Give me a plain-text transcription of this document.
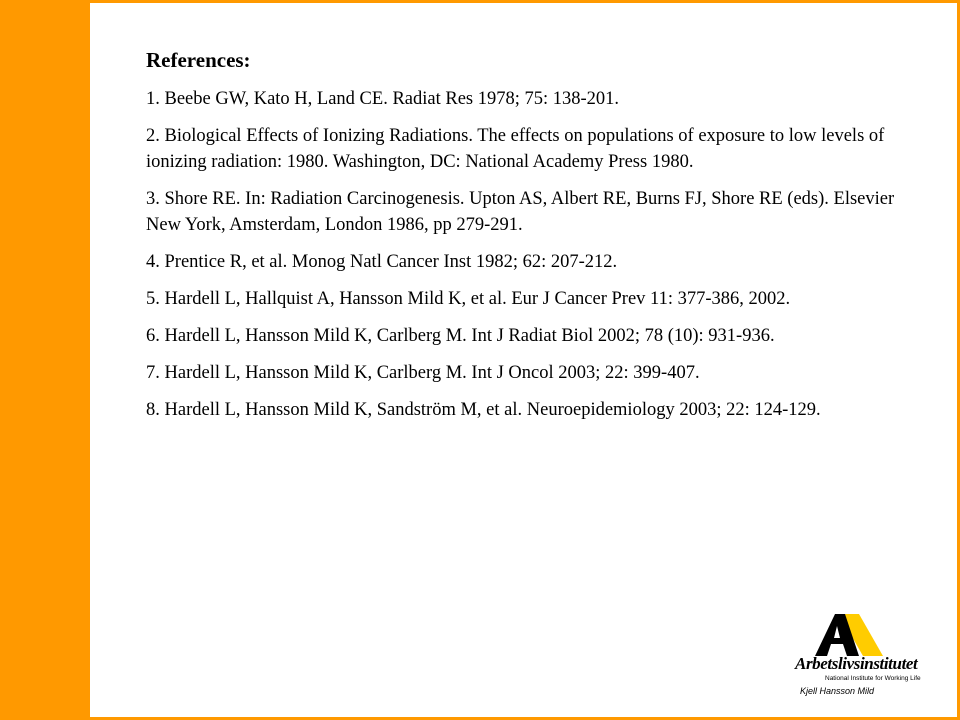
References:
1. Beebe GW, Kato H, Land CE. Radiat Res 1978; 75: 138-201.
2. Biological Effects of Ionizing Radiations. The effects on populations of exposure to low levels of ionizing radiation: 1980. Washington, DC: National Academy Press 1980.
3. Shore RE. In: Radiation Carcinogenesis. Upton AS, Albert RE, Burns FJ, Shore RE (eds). Elsevier New York, Amsterdam, London 1986, pp 279-291.
4. Prentice R, et al. Monog Natl Cancer Inst 1982; 62: 207-212.
5. Hardell L, Hallquist A, Hansson Mild K, et al. Eur J Cancer Prev 11: 377-386, 2002.
6. Hardell L, Hansson Mild K, Carlberg M. Int J Radiat Biol 2002; 78 (10): 931-936.
7. Hardell L, Hansson Mild K, Carlberg M. Int J Oncol 2003; 22: 399-407.
8. Hardell L, Hansson Mild K, Sandström M, et al. Neuroepidemiology 2003; 22: 124-129.
Arbetslivsinstitutet
National Institute for Working Life
Kjell Hansson Mild
